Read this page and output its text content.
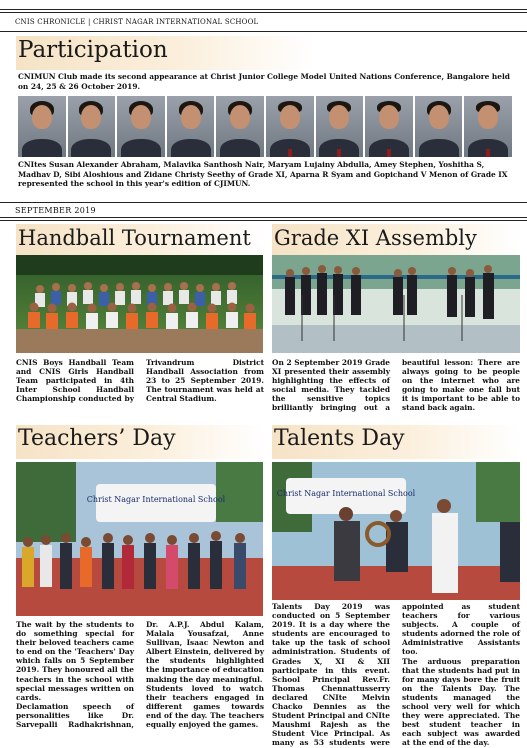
CNIS CHRONICLE | CHRIST NAGAR INTERNATIONAL SCHOOL
Participation
CNIMUN Club made its second appearance at Christ Junior College Model United Nations Conference, Bangalore held on 24, 25 & 26 October 2019.
CNItes Susan Alexander Abraham, Malavika Santhosh Nair, Maryam Lujainy Abdulla, Amey Stephen, Yoshitha S, Madhav D, Sibi Aloshious and Zidane Christy Seethy of Grade XI, Aparna R Syam and Gopichand V Menon of Grade IX represented the school in this year's edition of CJIMUN.
SEPTEMBER 2019
Handball Tournament

CNIS Boys Handball Team and CNIS Girls Handball Team participated in 4th Inter School Handball Championship conducted by Trivandrum District Handball Association from 23 to 25 September 2019. The tournament was held at Central Stadium.

Grade XI Assembly

On 2 September 2019 Grade XI presented their assembly highlighting the effects of social media. They tackled the sensitive topics brilliantly bringing out a beautiful lesson: There are always going to be people on the internet who are going to make one fall but it is important to be able to stand back again.

Teachers’ Day
Christ Nagar International School

The wait by the students to do something special for their beloved teachers came to end on the 'Teachers' Day which falls on 5 September 2019. They honoured all the teachers in the school with special messages written on cards.

Declamation speech of personalities like Dr. Sarvepalli Radhakrishnan, Dr. A.P.J. Abdul Kalam, Malala Yousafzai, Anne Sullivan, Isaac Newton and Albert Einstein, delivered by the students highlighted the importance of education making the day meaningful.

Students loved to watch their teachers engaged in different games towards end of the day. The teachers equally enjoyed the games.

Talents Day
Christ Nagar International School

Talents Day 2019 was conducted on 5 September 2019. It is a day where the students are encouraged to take up the task of school administration. Students of Grades X, XI & XII participate in this event. School Principal Rev.Fr. Thomas Chennattusserry declared CNIte Melvin Chacko Dennies as the Student Principal and CNIte Maushmi Rajesh as the Student Vice Principal. As many as 53 students were appointed as student teachers for various subjects. A couple of students adorned the role of Administrative Assistants too.

The arduous preparation that the students had put in for many days bore the fruit on the Talents Day. The students managed the school very well for which they were appreciated. The best student teacher in each subject was awarded at the end of the day.
